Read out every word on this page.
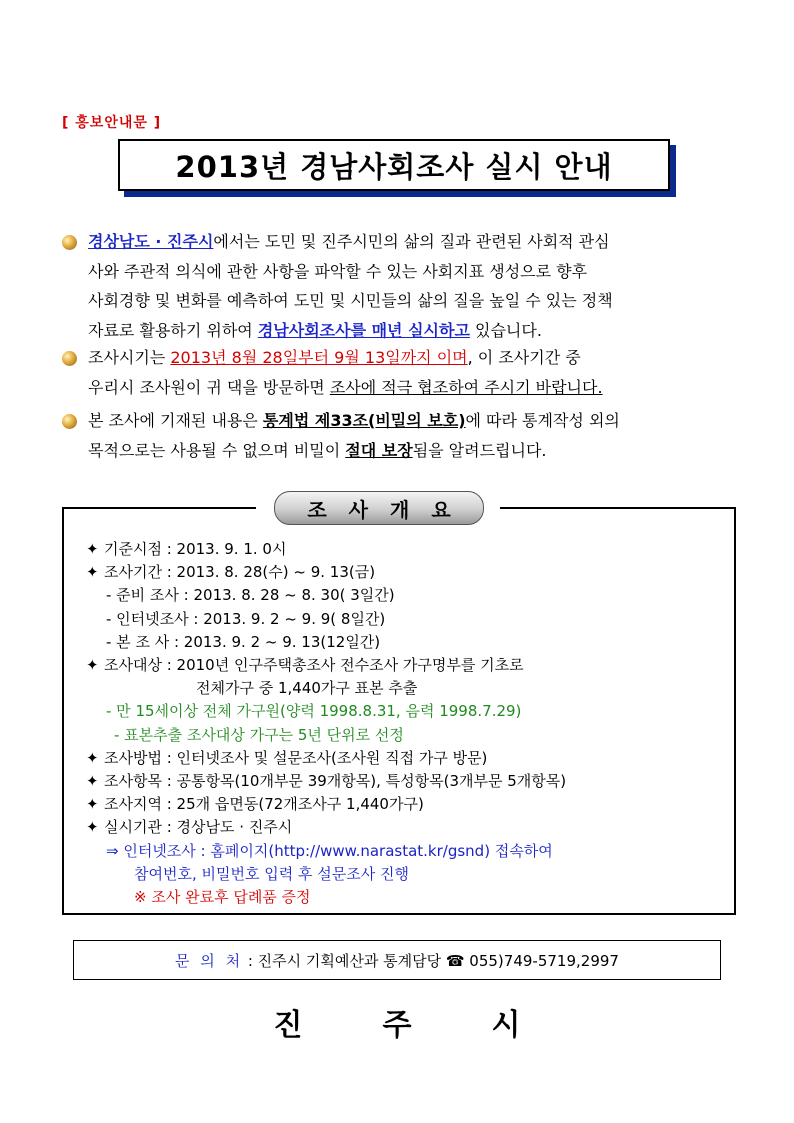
[ 홍보안내문 ]
2013년 경남사회조사 실시 안내
경상남도 · 진주시에서는 도민 및 진주시민의 삶의 질과 관련된 사회적 관심
사와 주관적 의식에 관한 사항을 파악할 수 있는 사회지표 생성으로 향후
사회경향 및 변화를 예측하여 도민 및 시민들의 삶의 질을 높일 수 있는 정책
자료로 활용하기 위하여 경남사회조사를 매년 실시하고 있습니다.
조사시기는 2013년 8월 28일부터 9월 13일까지 이며, 이 조사기간 중
우리시 조사원이 귀 댁을 방문하면 조사에 적극 협조하여 주시기 바랍니다.
본 조사에 기재된 내용은 통계법 제33조(비밀의 보호)에 따라 통계작성 외의
목적으로는 사용될 수 없으며 비밀이 절대 보장됨을 알려드립니다.
조사개요
✦ 기준시점 : 2013. 9. 1. 0시
✦ 조사기간 : 2013. 8. 28(수) ~ 9. 13(금)
- 준비 조사 : 2013. 8. 28 ~ 8. 30( 3일간)
- 인터넷조사 : 2013. 9. 2 ~ 9. 9( 8일간)
- 본 조 사 : 2013. 9. 2 ~ 9. 13(12일간)
✦ 조사대상 : 2010년 인구주택총조사 전수조사 가구명부를 기초로
전체가구 중 1,440가구 표본 추출
- 만 15세이상 전체 가구원(양력 1998.8.31, 음력 1998.7.29)
- 표본추출 조사대상 가구는 5년 단위로 선정
✦ 조사방법 : 인터넷조사 및 설문조사(조사원 직접 가구 방문)
✦ 조사항목 : 공통항목(10개부문 39개항목), 특성항목(3개부문 5개항목)
✦ 조사지역 : 25개 읍면동(72개조사구 1,440가구)
✦ 실시기관 : 경상남도 · 진주시
⇒ 인터넷조사 : 홈페이지(http://www.narastat.kr/gsnd) 접속하여
참여번호, 비밀번호 입력 후 설문조사 진행
※ 조사 완료후 답례품 증정
문 의 처
: 진주시 기획예산과 통계담당 ☎ 055)749-5719,2997
진주시
